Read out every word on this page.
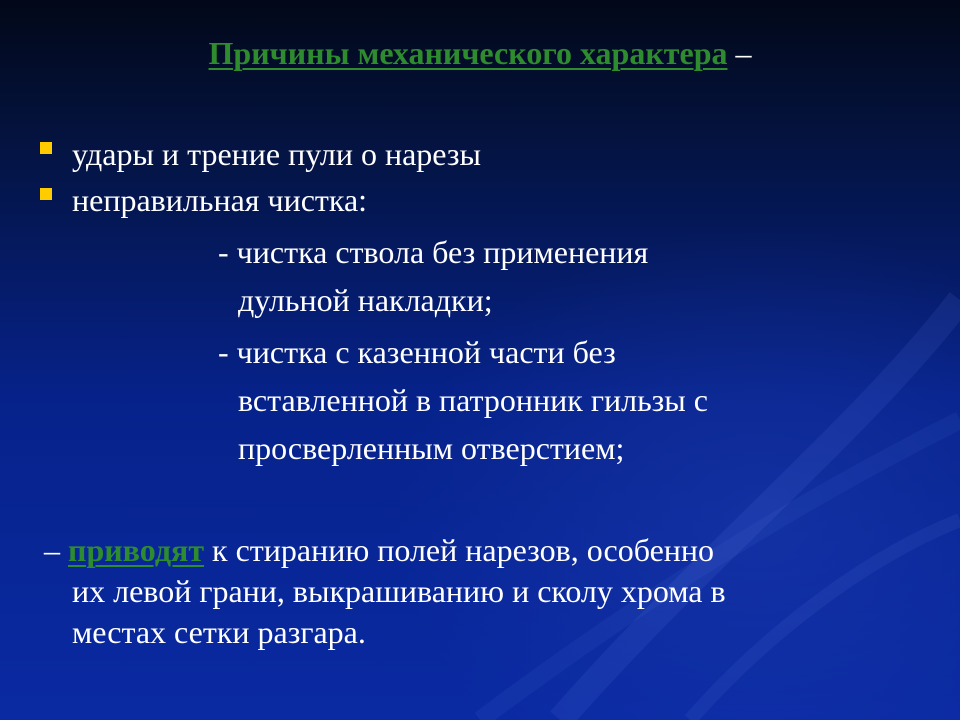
Причины механического характера –
удары и трение пули о нарезы
неправильная чистка:
- чистка ствола без применения
дульной накладки;
- чистка с казенной части без
вставленной в патронник гильзы с
просверленным отверстием;
– приводят к стиранию полей нарезов, особенно
их левой грани, выкрашиванию и сколу хрома в
местах сетки разгара.
